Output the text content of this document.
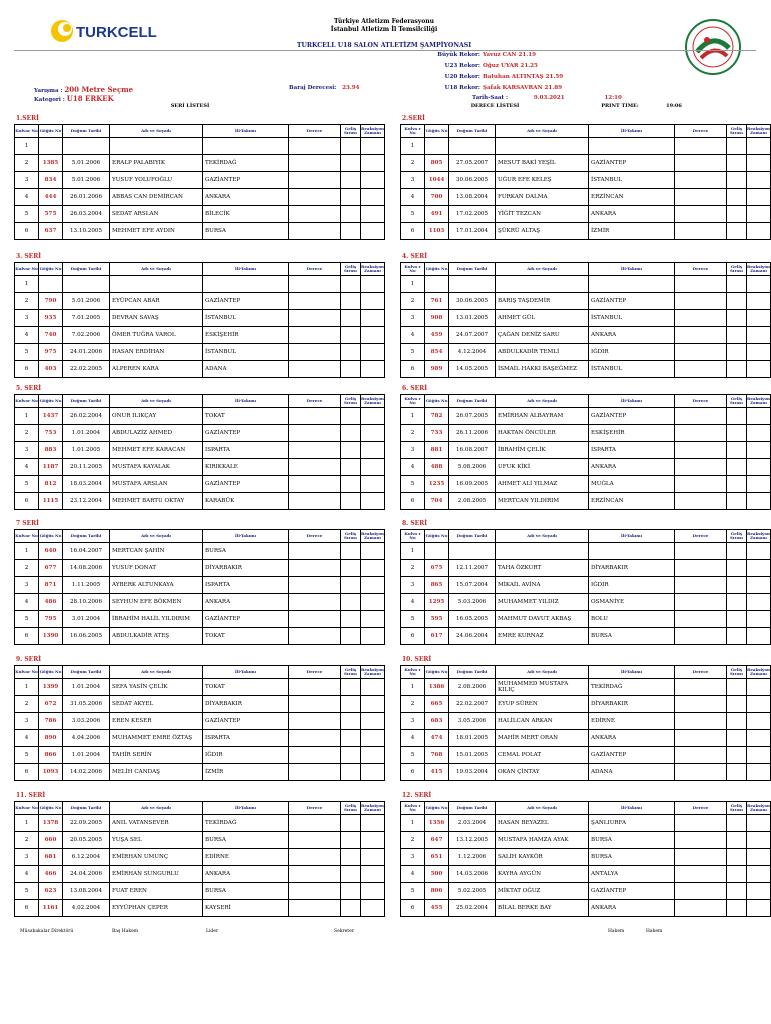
TURKCELL
Türkiye Atletizm Federasyonu
İstanbul Atletizm İl Temsilciliği
TURKCELL U18 SALON ATLETİZM ŞAMPİYONASI
Büyük Rekor: Yavuz CAN 21.19
U23 Rekor: Oğuz UYAR 21.25
U20 Rekor: Batuhan ALTINTAŞ 21.59
U18 Rekor: Şafak KARSAVRAN 21.89
Yarışma : 200 Metre Seçme
Kategori : U18 ERKEK
Baraj Derecesi: 23.94
Tarih-Saat :	9.03.2021	12:10
SERİ LİSTESİ	DERECE LİSTESİ	PRINT TIME:	19:06
1.SERİ
Kulvar No	Göğüs No	Doğum Tarihi	Adı ve Soyadı	İli-Takımı	Derece	Geliş Sırası	Reaksiyon Zamanı
1							
2	1385	5.01.2006	ERALP PALABIYIK	TEKİRDAĞ			
3	834	5.01.2006	YUSUF YOLUFOĞLU	GAZİANTEP			
4	444	26.01.2006	ABBAS CAN DEMİRCAN	ANKARA			
5	575	26.03.2004	SEDAT ARSLAN	BİLECİK			
6	637	13.10.2005	MEHMET EFE AYDIN	BURSA			
2.SERİ
Kulva r No	Göğüs No	Doğum Tarihi	Adı ve Soyadı	İli-Takımı	Derece	Geliş Sırası	Reaksiyon Zamanı
1							
2	805	27.05.2007	MESUT BAKİ YEŞİL	GAZİANTEP			
3	1044	30.06.2005	UĞUR EFE KELEŞ	İSTANBUL			
4	700	13.08.2004	FURKAN DALMA	ERZİNCAN			
5	491	17.02.2005	YİĞİT TEZCAN	ANKARA			
6	1103	17.01.2004	ŞÜKRÜ ALTAŞ	İZMİR			
3. SERİ
Kulvar No	Göğüs No	Doğum Tarihi	Adı ve Soyadı	İli-Takımı	Derece	Geliş Sırası	Reaksiyon Zamanı
1							
2	790	5.01.2006	EYÜPCAN ABAR	GAZİANTEP			
3	935	7.01.2005	DEVRAN SAVAŞ	İSTANBUL			
4	740	7.02.2006	ÖMER TUĞRA VAROL	ESKİŞEHİR			
5	975	24.01.2006	HASAN ERDİHAN	İSTANBUL			
6	403	22.02.2005	ALPEREN KARA	ADANA			
4. SERİ
Kulva r No	Göğüs No	Doğum Tarihi	Adı ve Soyadı	İli-Takımı	Derece	Geliş Sırası	Reaksiyon Zamanı
1							
2	761	30.06.2005	BARIŞ TAŞDEMİR	GAZİANTEP			
3	908	13.01.2005	AHMET GÜL	İSTANBUL			
4	459	24.07.2007	ÇAĞAN DENİZ SARU	ANKARA			
5	854	4.12.2004	ABDULKADİR TEMLİ	IĞDIR			
6	989	14.05.2005	İSMAİL HAKKI BAŞEĞMEZ	İSTANBUL			
5. SERİ
Kulvar No	Göğüs No	Doğum Tarihi	Adı ve Soyadı	İli-Takımı	Derece	Geliş Sırası	Reaksiyon Zamanı
1	1437	26.02.2004	ONUR ILIKÇAY	TOKAT			
2	753	1.01.2004	ABDULAZİZ AHMED	GAZİANTEP			
3	883	1.01.2005	MEHMET EFE KARACAN	ISPARTA			
4	1187	20.11.2005	MUSTAFA KAYALAK	KIRIKKALE			
5	812	18.03.2004	MUSTAFA ARSLAN	GAZİANTEP			
6	1115	23.12.2004	MEHMET BARTU OKTAY	KARABÜK			
6. SERİ
Kulva r No	Göğüs No	Doğum Tarihi	Adı ve Soyadı	İli-Takımı	Derece	Geliş Sırası	Reaksiyon Zamanı
1	782	26.07.2005	EMİRHAN ALBAYRAM	GAZİANTEP			
2	733	26.11.2006	HAKTAN ÖNCÜLER	ESKİŞEHİR			
3	881	16.08.2007	İBRAHİM ÇELİK	ISPARTA			
4	488	5.08.2006	UFUK KİKİ	ANKARA			
5	1235	16.09.2005	AHMET ALİ YILMAZ	MUĞLA			
6	704	2.08.2005	MERTCAN YILDIRIM	ERZİNCAN			
7 SERİ
Kulvar No	Göğüs No	Doğum Tarihi	Adı ve Soyadı	İli-Takımı	Derece	Geliş Sırası	Reaksiyon Zamanı
1	640	16.04.2007	MERTCAN ŞAHİN	BURSA			
2	677	14.08.2006	YUSUF DONAT	DİYARBAKIR			
3	871	1.11.2005	AYBERK ALTUNKAYA	ISPARTA			
4	486	28.10.2006	SEYHUN EFE BÖKMEN	ANKARA			
5	795	3.01.2004	İBRAHİM HALİL YILDIRIM	GAZİANTEP			
6	1390	16.06.2005	ABDULKADİR ATEŞ	TOKAT			
8. SERİ
Kulva r No	Göğüs No	Doğum Tarihi	Adı ve Soyadı	İli-Takımı	Derece	Geliş Sırası	Reaksiyon Zamanı
1							
2	675	12.11.2007	TAHA ÖZKURT	DİYARBAKIR			
3	865	15.07.2004	MİKAİL AVİNA	IĞDIR			
4	1295	5.03.2006	MUHAMMET YILDIZ	OSMANİYE			
5	595	16.05.2005	MAHMUT DAVUT AKBAŞ	BOLU			
6	617	24.06.2004	EMRE KURNAZ	BURSA			
9. SERİ
Kulvar No	Göğüs No	Doğum Tarihi	Adı ve Soyadı	İli-Takımı	Derece	Geliş Sırası	Reaksiyon Zamanı
1	1399	1.01.2004	SEFA YASİN ÇELİK	TOKAT			
2	672	31.05.2006	SEDAT AKYEL	DİYARBAKIR			
3	786	3.03.2006	EREN KESER	GAZİANTEP			
4	890	4.04.2006	MUHAMMET EMRE ÖZTAŞ	ISPARTA			
5	866	1.01.2004	TAHİR SERİN	IĞDIR			
6	1093	14.02.2006	MELİH CANDAŞ	İZMİR			
10. SERİ
Kulva r No	Göğüs No	Doğum Tarihi	Adı ve Soyadı	İli-Takımı	Derece	Geliş Sırası	Reaksiyon Zamanı
1	1386	2.08.2006	MUHAMMED MUSTAFA KILIÇ	TEKİRDAĞ			
2	665	22.02.2007	EYUP SÜREN	DİYARBAKIR			
3	683	3.05.2006	HALİLCAN ARKAN	EDİRNE			
4	474	18.01.2005	MAHİR MERT ORAN	ANKARA			
5	768	15.01.2005	CEMAL POLAT	GAZİANTEP			
6	415	19.03.2004	OKAN ÇİNTAY	ADANA			
11. SERİ
Kulvar No	Göğüs No	Doğum Tarihi	Adı ve Soyadı	İli-Takımı	Derece	Geliş Sırası	Reaksiyon Zamanı
1	1378	22.09.2005	ANIL VATANSEVER	TEKİRDAĞ			
2	660	20.05.2005	YUŞA SEL	BURSA			
3	681	6.12.2004	EMİRHAN UMUNÇ	EDİRNE			
4	466	24.04.2006	EMİRHAN SUNGURLU	ANKARA			
5	623	13.08.2004	FUAT EREN	BURSA			
6	1161	4.02.2004	EYYÜPHAN ÇEPER	KAYSERİ			
12. SERİ
Kulva r No	Göğüs No	Doğum Tarihi	Adı ve Soyadı	İli-Takımı	Derece	Geliş Sırası	Reaksiyon Zamanı
1	1356	2.03.2004	HASAN BEYAZEL	ŞANLIURFA			
2	647	13.12.2005	MUSTAFA HAMZA AYAK	BURSA			
3	651	1.12.2006	SALİH KAYKÖR	BURSA			
4	500	14.03.2006	KAYRA AYGÜN	ANTALYA			
5	806	5.02.2005	MİKTAT OĞUZ	GAZİANTEP			
6	455	25.02.2004	BİLAL BERKE BAY	ANKARA			
Müsabakalar Direktörü	Baş Hakem	Lider	Sekreter	Hakem	Hakem
